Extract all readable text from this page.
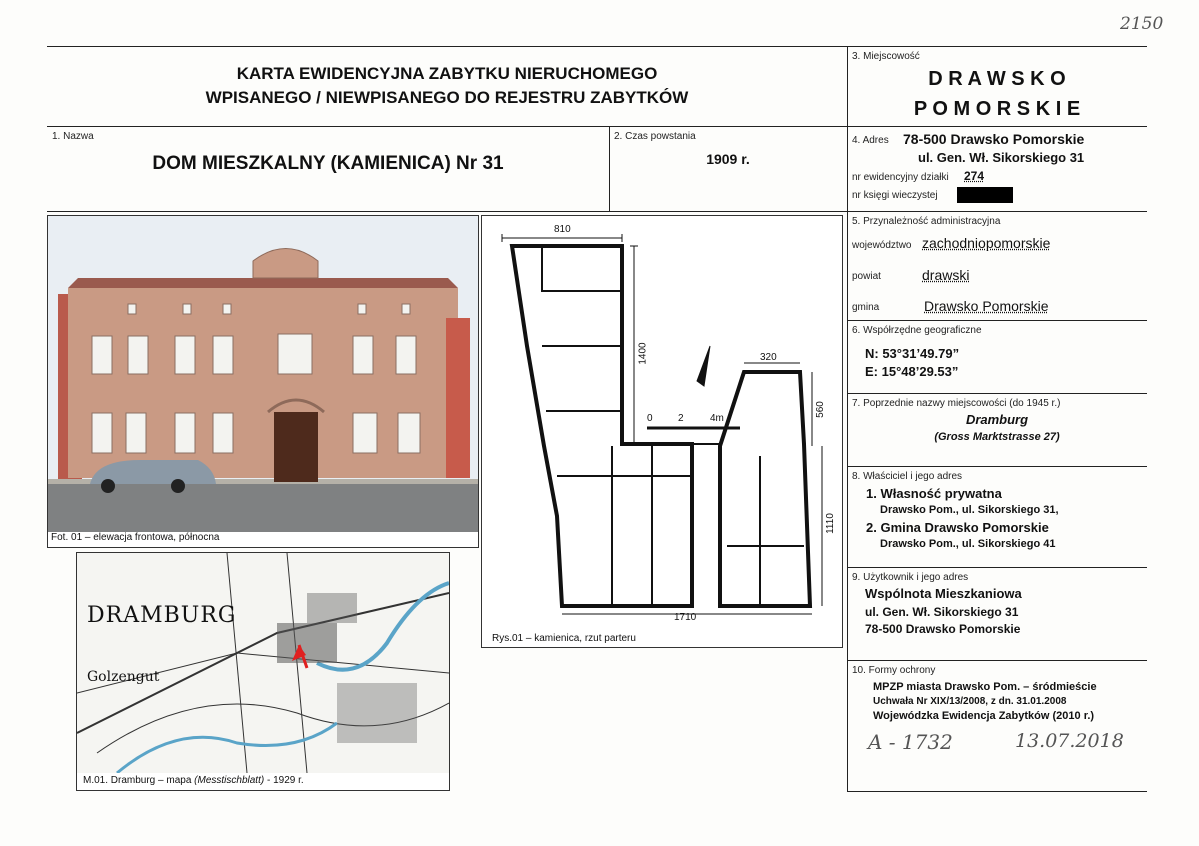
2150
KARTA EWIDENCYJNA ZABYTKU NIERUCHOMEGO
WPISANEGO / NIEWPISANEGO DO REJESTRU ZABYTKÓW
3. Miejscowość
D R A W S K O
P O M O R S K I E
1. Nazwa
DOM MIESZKALNY (KAMIENICA) Nr 31
2. Czas powstania
1909 r.
4. Adres 78-500 Drawsko Pomorskie
ul. Gen. Wł. Sikorskiego 31
nr ewidencyjny działki 274
nr księgi wieczystej
5. Przynależność administracyjna
województwo zachodniopomorskie
powiat	drawski
gmina	Drawsko Pomorskie
6. Współrzędne geograficzne
N: 53°31’49.79”
E: 15°48’29.53”
7. Poprzednie nazwy miejscowości (do 1945 r.)
Dramburg
(Gross Marktstrasse 27)
8. Właściciel i jego adres
1. Własność prywatna
Drawsko Pom., ul. Sikorskiego 31,
2. Gmina Drawsko Pomorskie
Drawsko Pom., ul. Sikorskiego 41
9. Użytkownik i jego adres
Wspólnota Mieszkaniowa
ul. Gen. Wł. Sikorskiego 31
78-500 Drawsko Pomorskie
10. Formy ochrony
MPZP miasta Drawsko Pom. – śródmieście
Uchwała Nr XIX/13/2008, z dn. 31.01.2008
Wojewódzka Ewidencja Zabytków (2010 r.)
A - 1732	13.07.2018
Fot. 01 – elewacja frontowa, północna
810
1400	320
560
1110
1710
0	2	4m
Rys.01 – kamienica, rzut parteru
DRAMBURG
Golzengut
M.01. Dramburg – mapa (Messtischblatt) - 1929 r.
